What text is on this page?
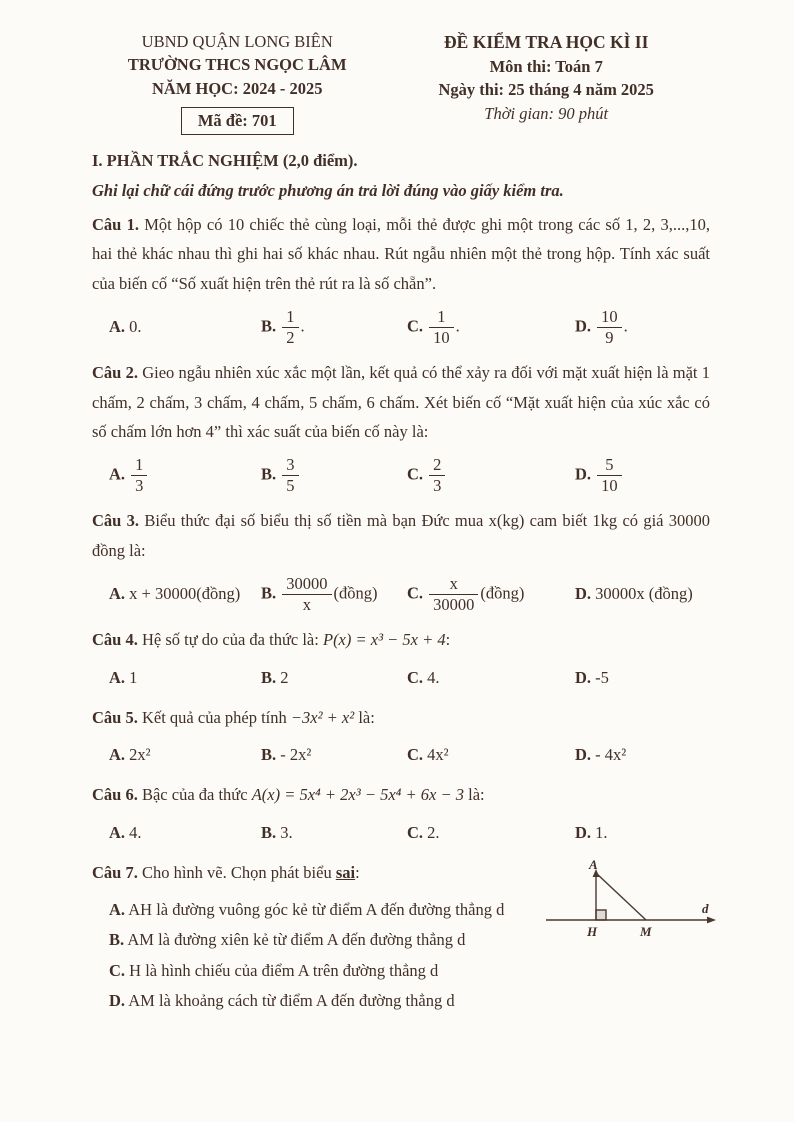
UBND QUẬN LONG BIÊN
TRƯỜNG THCS NGỌC LÂM
NĂM HỌC: 2024 - 2025
Mã đề: 701
ĐỀ KIỂM TRA HỌC KÌ II
Môn thi: Toán 7
Ngày thi: 25 tháng 4 năm 2025
Thời gian: 90 phút
I. PHẦN TRẮC NGHIỆM (2,0 điểm).
Ghi lại chữ cái đứng trước phương án trả lời đúng vào giấy kiểm tra.

Câu 1. Một hộp có 10 chiếc thẻ cùng loại, mỗi thẻ được ghi một trong các số 1, 2, 3,...,10, hai thẻ khác nhau thì ghi hai số khác nhau. Rút ngẫu nhiên một thẻ trong hộp. Tính xác suất của biến cố “Số xuất hiện trên thẻ rút ra là số chẵn”.

A. 0.	B. $\frac{1}{2}$ .	C. $\frac{1}{10}$ .	D. $\frac{10}{9}$ .

Câu 2. Gieo ngẫu nhiên xúc xắc một lần, kết quả có thể xảy ra đối với mặt xuất hiện là mặt 1 chấm, 2 chấm, 3 chấm, 4 chấm, 5 chấm, 6 chấm. Xét biến cố “Mặt xuất hiện của xúc xắc có số chấm lớn hơn 4” thì xác suất của biến cố này là:

A. $\frac{1}{3}$	B. $\frac{3}{5}$	C. $\frac{2}{3}$	D. $\frac{5}{10}$

Câu 3. Biểu thức đại số biểu thị số tiền mà bạn Đức mua x(kg) cam biết 1kg có giá 30000 đồng là:

A. x + 30000(đồng)	B. $\frac{30000}{x}$ (đồng)	C. $\frac{x}{30000}$ (đồng)	D. 30000x (đồng)

Câu 4. Hệ số tự do của đa thức là: P(x) = x³ − 5x + 4:

A. 1	B. 2	C. 4.	D. -5

Câu 5. Kết quả của phép tính −3x² + x² là:

A. 2x²	B. - 2x²	C. 4x²	D. - 4x²

Câu 6. Bậc của đa thức A(x) = 5x⁴ + 2x³ − 5x⁴ + 6x − 3 là:

A. 4.	B. 3.	C. 2.	D. 1.

Câu 7. Cho hình vẽ. Chọn phát biểu sai:

A. AH là đường vuông góc kẻ từ điểm A đến đường thẳng d
B. AM là đường xiên kẻ từ điểm A đến đường thẳng d
C. H là hình chiếu của điểm A trên đường thẳng d
D. AM là khoảng cách từ điểm A đến đường thẳng d
A
H	M
d
